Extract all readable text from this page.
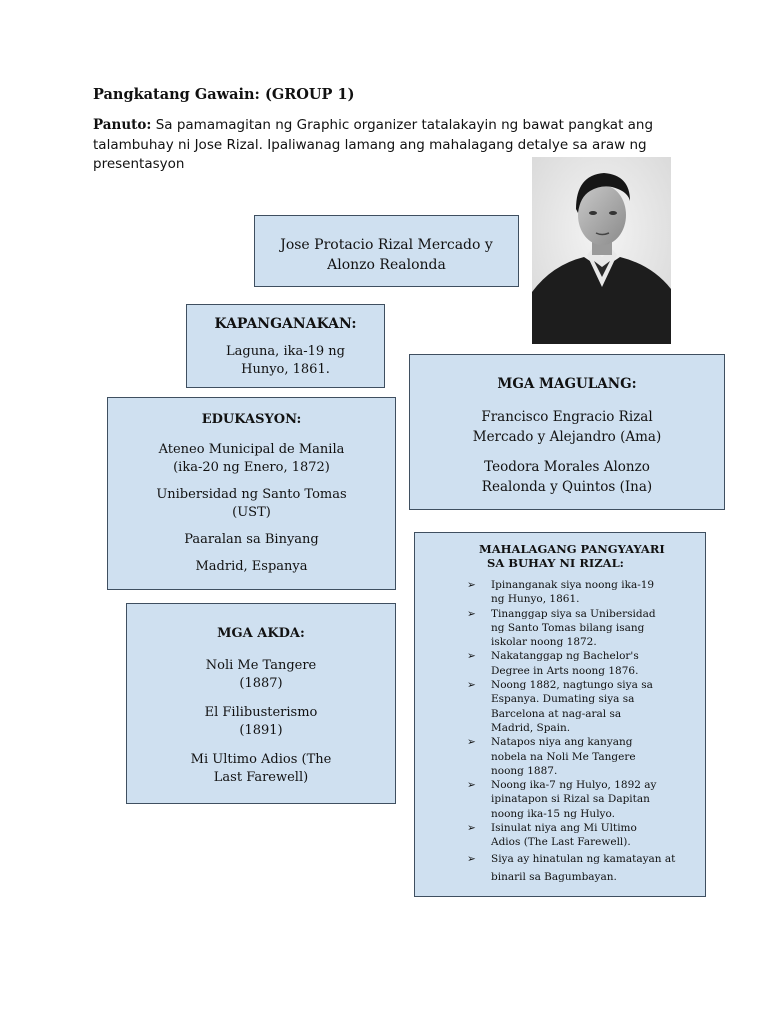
Pangkatang Gawain: (GROUP 1)
Panuto: Sa pamamagitan ng Graphic organizer tatalakayin ng bawat pangkat ang talambuhay ni Jose Rizal. Ipaliwanag lamang ang mahalagang detalye sa araw ng presentasyon

Jose Protacio Rizal Mercado y

Alonzo Realonda

KAPANGANAKAN:

Laguna, ika-19 ng

Hunyo, 1861.

EDUKASYON:

Ateneo Municipal de Manila
(ika-20 ng Enero, 1872)

Unibersidad ng Santo Tomas
(UST)

Paaralan sa Binyang

Madrid, Espanya

MGA MAGULANG:

Francisco Engracio Rizal
Mercado y Alejandro (Ama)

Teodora Morales Alonzo
Realonda y Quintos (Ina)

MGA AKDA:

Noli Me Tangere
(1887)

El Filibusterismo
(1891)

Mi Ultimo Adios (The
Last Farewell)

MAHALAGANG PANGYAYARI
SA BUHAY NI RIZAL:
➢ Ipinanganak siya noong ika-19
ng Hunyo, 1861.
➢ Tinanggap siya sa Unibersidad
ng Santo Tomas bilang isang
iskolar noong 1872.
➢ Nakatanggap ng Bachelor's
Degree in Arts noong 1876.
➢ Noong 1882, nagtungo siya sa
Espanya. Dumating siya sa
Barcelona at nag-aral sa
Madrid, Spain.
➢ Natapos niya ang kanyang
nobela na Noli Me Tangere
noong 1887.
➢ Noong ika-7 ng Hulyo, 1892 ay
ipinatapon si Rizal sa Dapitan
noong ika-15 ng Hulyo.
➢ Isinulat niya ang Mi Ultimo
Adios (The Last Farewell).
➢ Siya ay hinatulan ng kamatayan at
binaril sa Bagumbayan.
